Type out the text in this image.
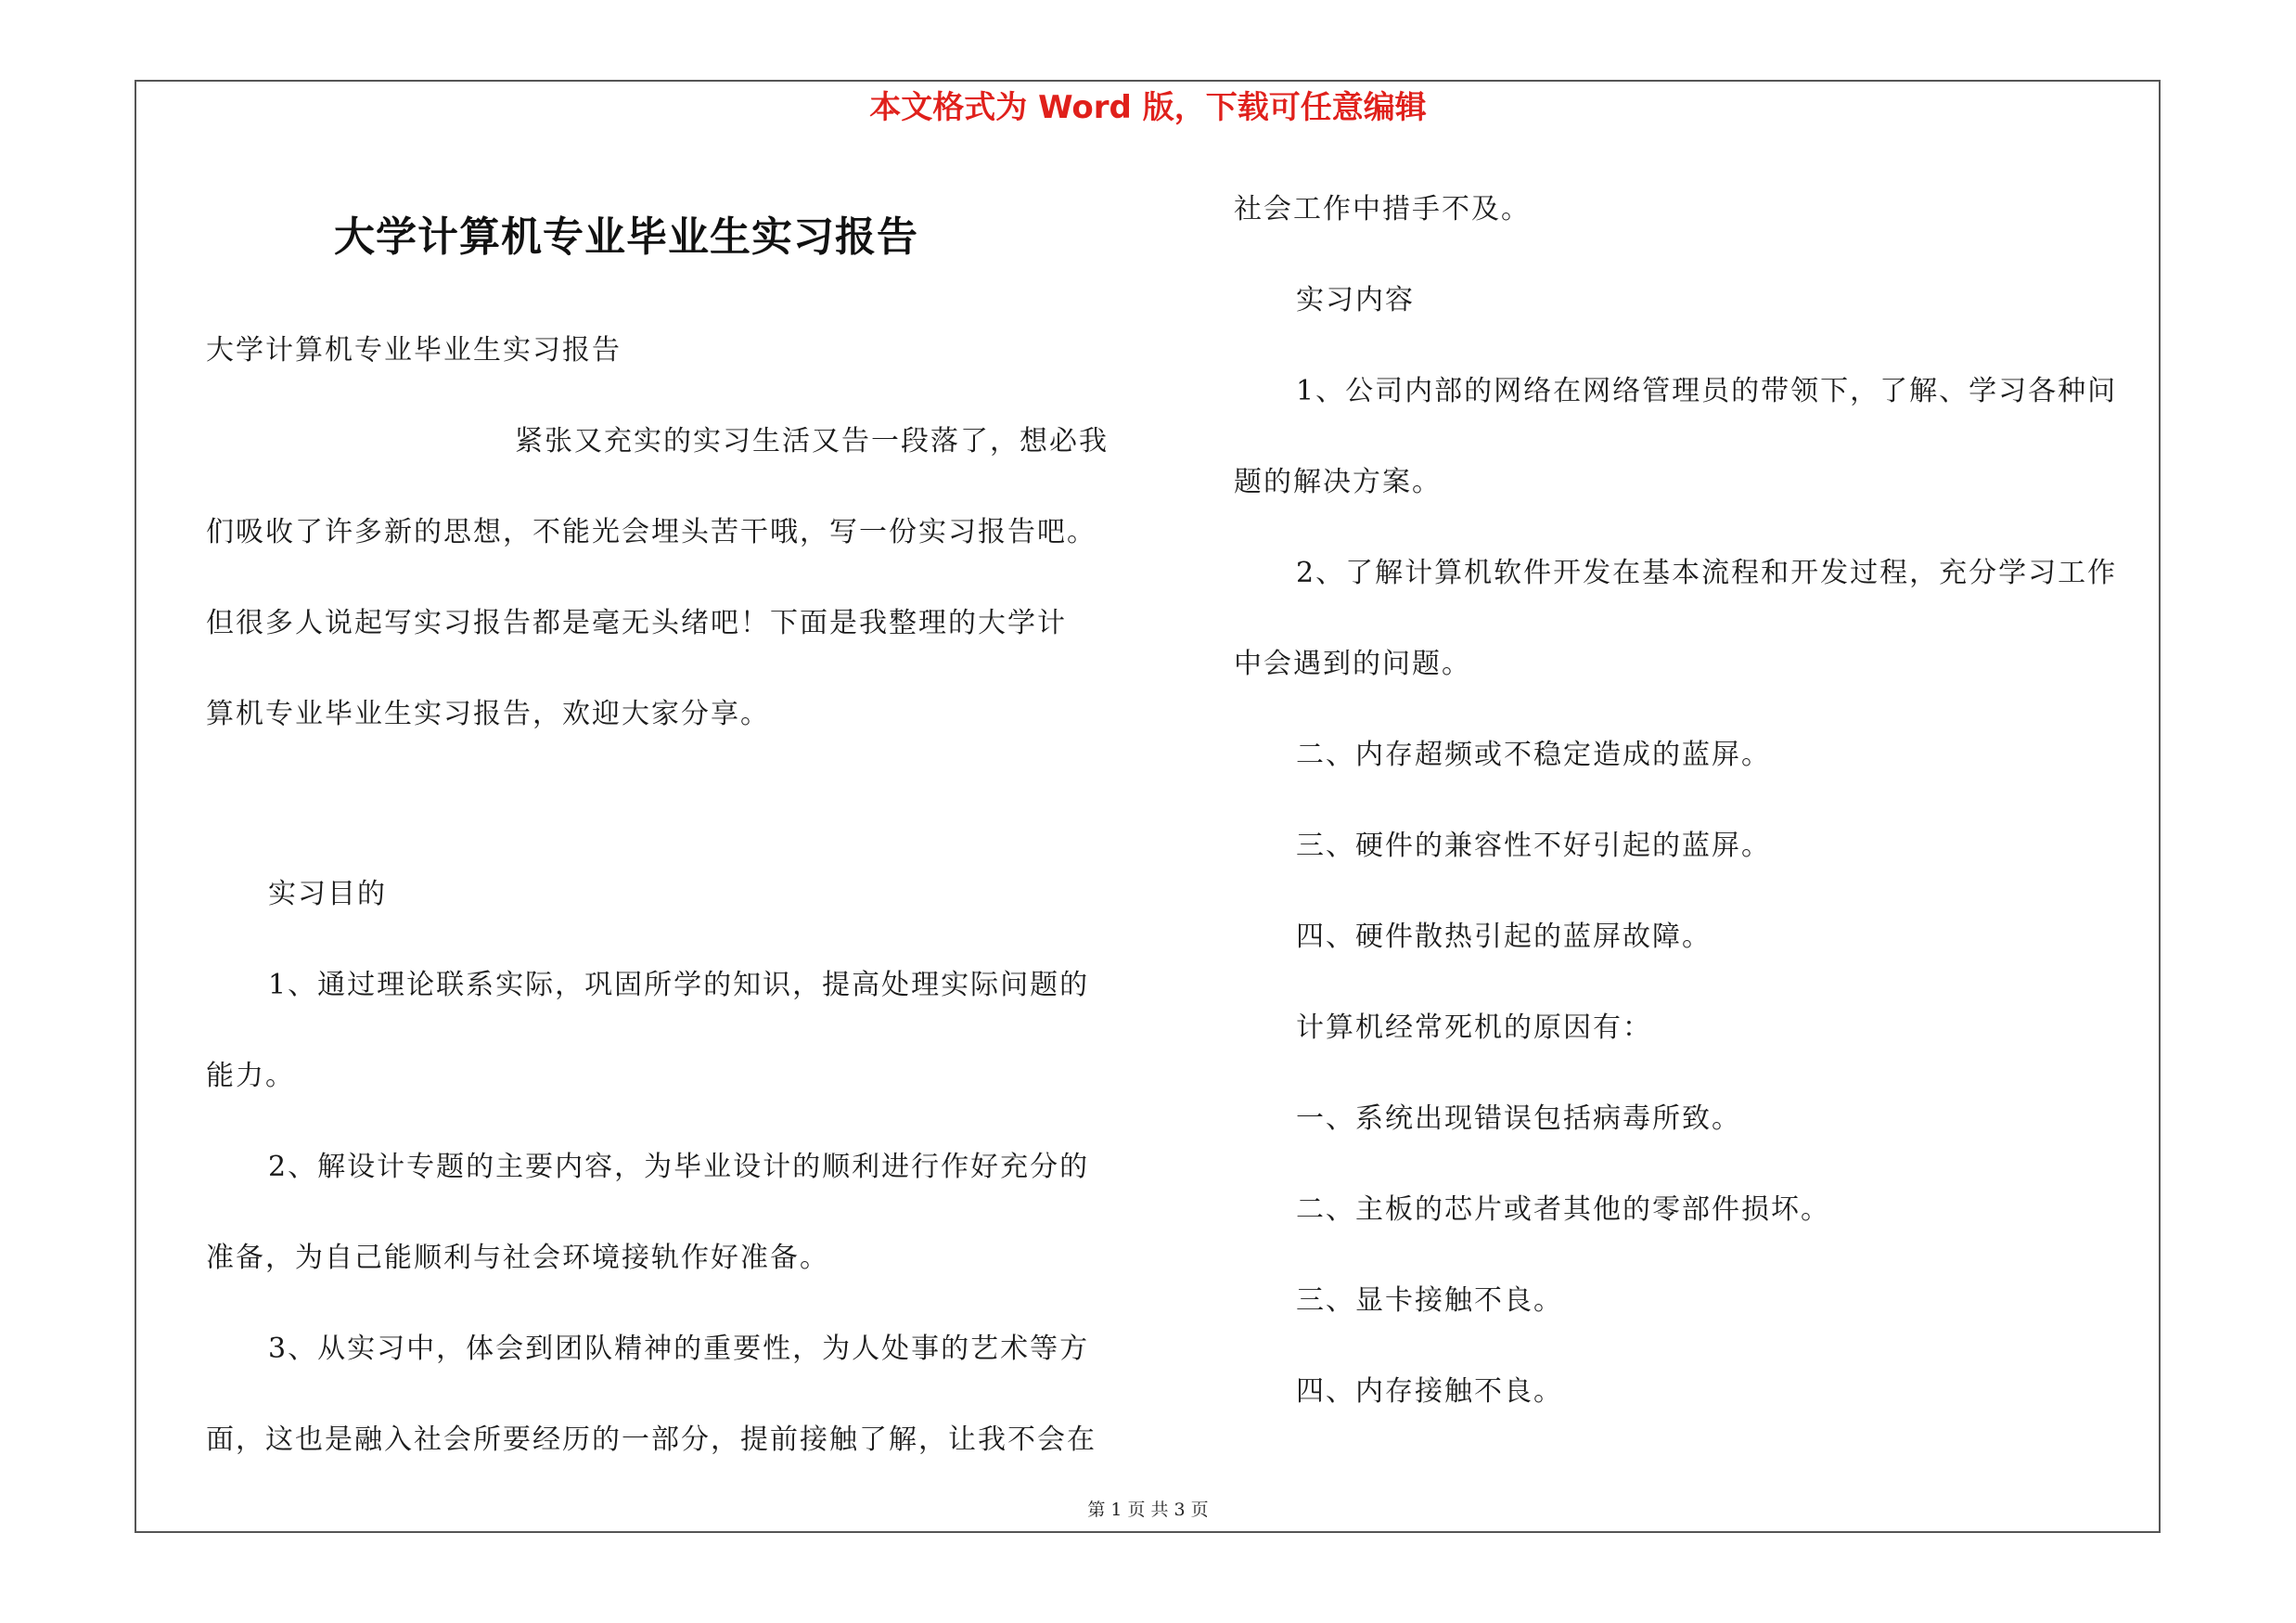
本文格式为 Word 版，下载可任意编辑
大学计算机专业毕业生实习报告
大学计算机专业毕业生实习报告
紧张又充实的实习生活又告一段落了，想必我
们吸收了许多新的思想，不能光会埋头苦干哦，写一份实习报告吧。
但很多人说起写实习报告都是毫无头绪吧！下面是我整理的大学计
算机专业毕业生实习报告，欢迎大家分享。
实习目的
1、通过理论联系实际，巩固所学的知识，提高处理实际问题的
能力。
2、解设计专题的主要内容，为毕业设计的顺利进行作好充分的
准备，为自己能顺利与社会环境接轨作好准备。
3、从实习中，体会到团队精神的重要性，为人处事的艺术等方
面，这也是融入社会所要经历的一部分，提前接触了解，让我不会在
社会工作中措手不及。
实习内容
1、公司内部的网络在网络管理员的带领下，了解、学习各种问
题的解决方案。
2、了解计算机软件开发在基本流程和开发过程，充分学习工作
中会遇到的问题。
二、内存超频或不稳定造成的蓝屏。
三、硬件的兼容性不好引起的蓝屏。
四、硬件散热引起的蓝屏故障。
计算机经常死机的原因有：
一、系统出现错误包括病毒所致。
二、主板的芯片或者其他的零部件损坏。
三、显卡接触不良。
四、内存接触不良。
第 1 页 共 3 页
